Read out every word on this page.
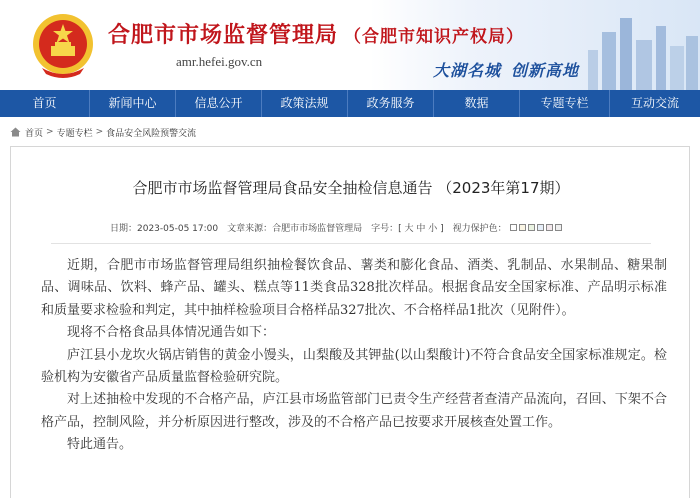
合肥市市场监督管理局 （合肥市知识产权局）
amr.hefei.gov.cn	大湖名城 创新高地
首页	新闻中心	信息公开	政策法规	政务服务	数据	专题专栏	互动交流
首页 > 专题专栏 > 食品安全风险预警交流
合肥市市场监督管理局食品安全抽检信息通告 （2023年第17期）
日期：2023-05-05 17:00 文章来源： 合肥市市场监督管理局 字号： [ 大 中 小 ] 视力保护色：

近期，合肥市市场监督管理局组织抽检餐饮食品、薯类和膨化食品、酒类、乳制品、水果制品、糖果制品、调味品、饮料、蜂产品、罐头、糕点等11类食品328批次样品。根据食品安全国家标准、产品明示标准和质量要求检验和判定，其中抽样检验项目合格样品327批次、不合格样品1批次（见附件）。

现将不合格食品具体情况通告如下：

庐江县小龙坎火锅店销售的黄金小馒头，山梨酸及其钾盐(以山梨酸计)不符合食品安全国家标准规定。检验机构为安徽省产品质量监督检验研究院。

对上述抽检中发现的不合格产品，庐江县市场监管部门已责令生产经营者查清产品流向，召回、下架不合格产品，控制风险，并分析原因进行整改，涉及的不合格产品已按要求开展核查处置工作。

特此通告。
